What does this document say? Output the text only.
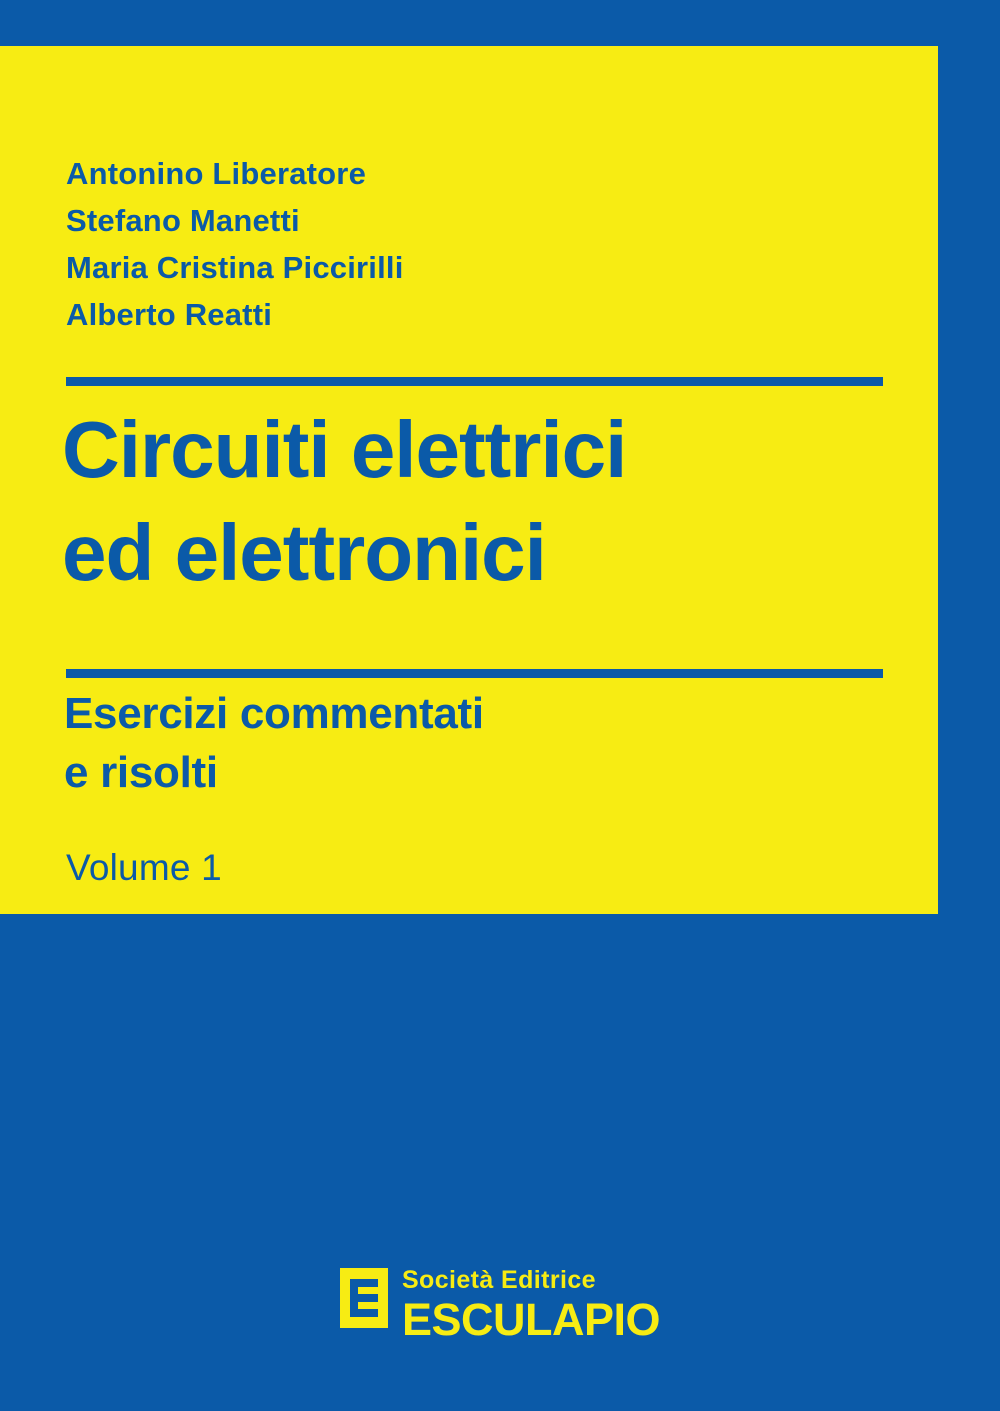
Antonino Liberatore
Stefano Manetti
Maria Cristina Piccirilli
Alberto Reatti
Circuiti elettrici
ed elettronici
Esercizi commentati
e risolti
Volume 1
Società Editrice
ESCULAPIO
